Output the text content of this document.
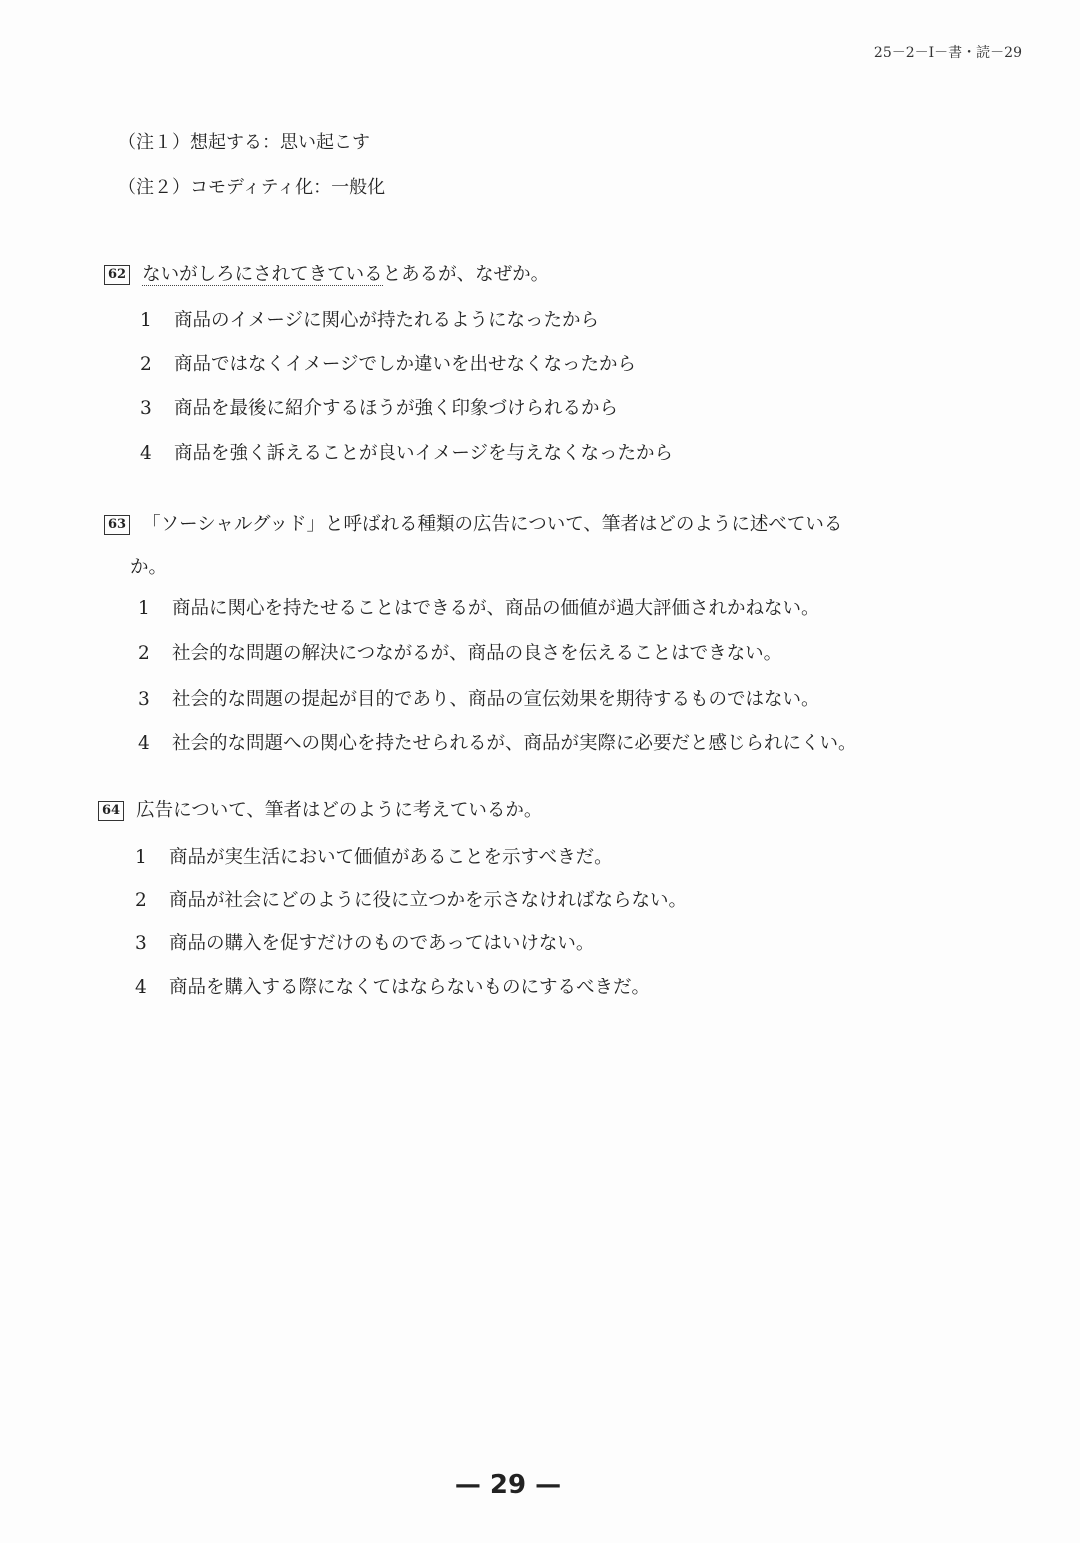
25－2－I－書・読－29
（注１）想起する：思い起こす
（注２）コモディティ化：一般化
62 ないがしろにされてきているとあるが、なぜか。
1 商品のイメージに関心が持たれるようになったから
2 商品ではなくイメージでしか違いを出せなくなったから
3 商品を最後に紹介するほうが強く印象づけられるから
4 商品を強く訴えることが良いイメージを与えなくなったから
63 「ソーシャルグッド」と呼ばれる種類の広告について、筆者はどのように述べている
か。
1 商品に関心を持たせることはできるが、商品の価値が過大評価されかねない。
2 社会的な問題の解決につながるが、商品の良さを伝えることはできない。
3 社会的な問題の提起が目的であり、商品の宣伝効果を期待するものではない。
4 社会的な問題への関心を持たせられるが、商品が実際に必要だと感じられにくい。
64 広告について、筆者はどのように考えているか。
1 商品が実生活において価値があることを示すべきだ。
2 商品が社会にどのように役に立つかを示さなければならない。
3 商品の購入を促すだけのものであってはいけない。
4 商品を購入する際になくてはならないものにするべきだ。
— 29 —
